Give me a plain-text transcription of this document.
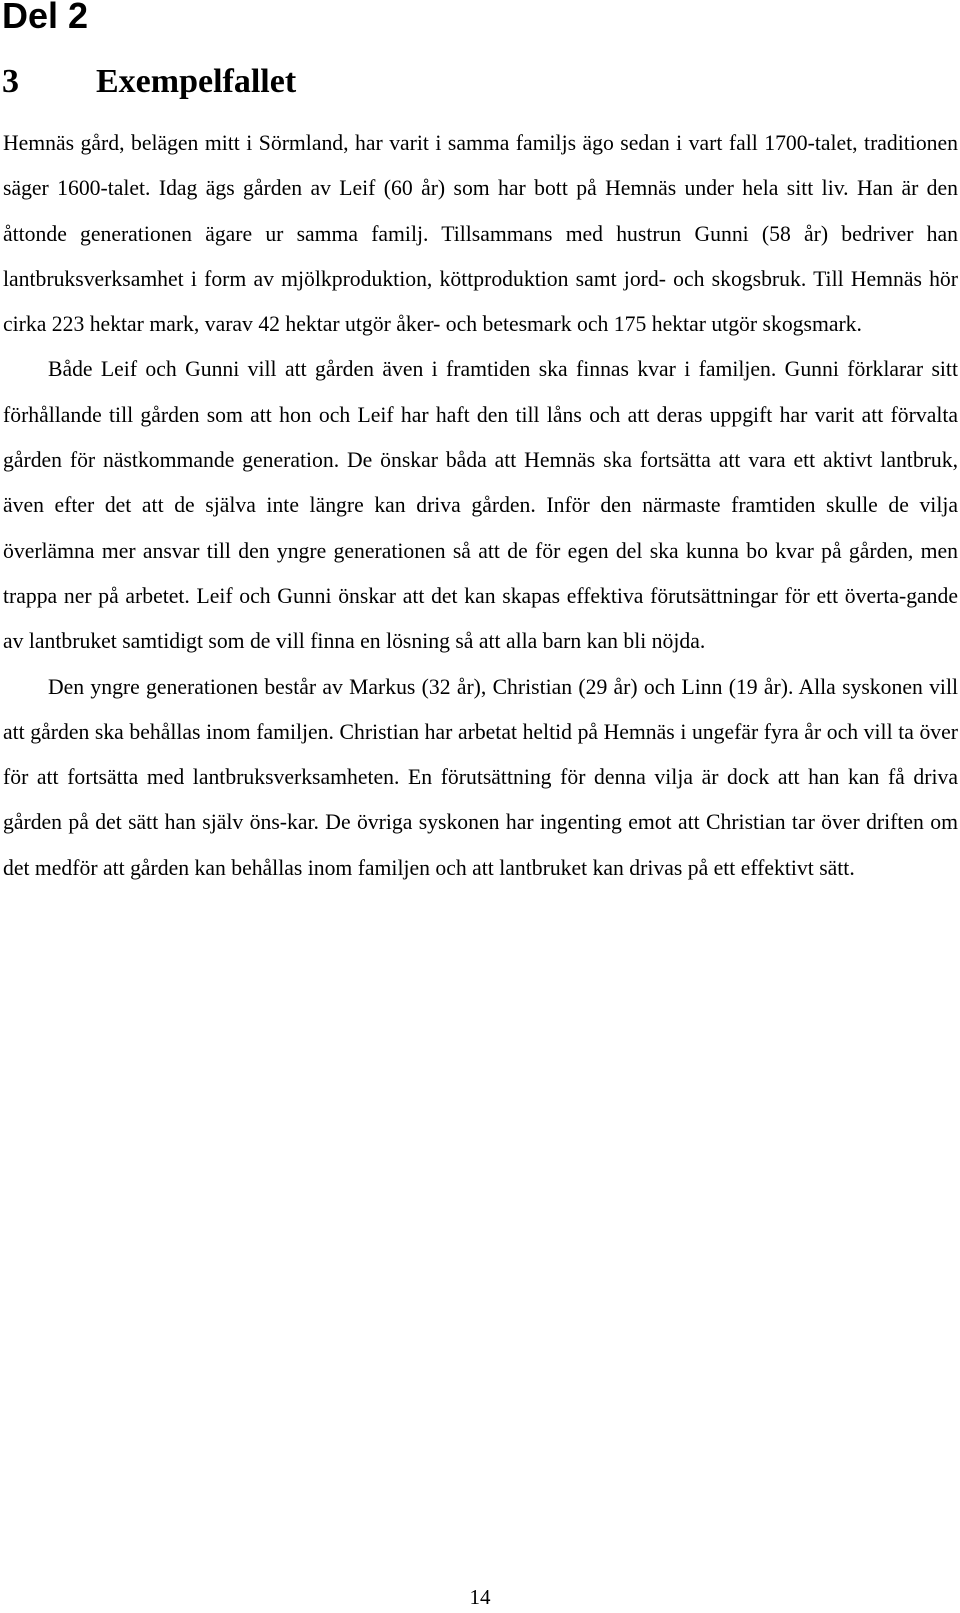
Del 2
3 Exempelfallet

Hemnäs gård, belägen mitt i Sörmland, har varit i samma familjs ägo sedan i vart fall 1700-talet, traditionen säger 1600-talet. Idag ägs gården av Leif (60 år) som har bott på Hemnäs under hela sitt liv. Han är den åttonde generationen ägare ur samma familj. Tillsammans med hustrun Gunni (58 år) bedriver han lantbruksverksamhet i form av mjölkproduktion, köttproduktion samt jord- och skogsbruk. Till Hemnäs hör cirka 223 hektar mark, varav 42 hektar utgör åker- och betesmark och 175 hektar utgör skogsmark.

Både Leif och Gunni vill att gården även i framtiden ska finnas kvar i familjen. Gunni förklarar sitt förhållande till gården som att hon och Leif har haft den till låns och att deras uppgift har varit att förvalta gården för nästkommande generation. De önskar båda att Hemnäs ska fortsätta att vara ett aktivt lantbruk, även efter det att de själva inte längre kan driva gården. Inför den närmaste framtiden skulle de vilja överlämna mer ansvar till den yngre generationen så att de för egen del ska kunna bo kvar på gården, men trappa ner på arbetet. Leif och Gunni önskar att det kan skapas effektiva förutsättningar för ett överta-gande av lantbruket samtidigt som de vill finna en lösning så att alla barn kan bli nöjda.

Den yngre generationen består av Markus (32 år), Christian (29 år) och Linn (19 år). Alla syskonen vill att gården ska behållas inom familjen. Christian har arbetat heltid på Hemnäs i ungefär fyra år och vill ta över för att fortsätta med lantbruksverksamheten. En förutsättning för denna vilja är dock att han kan få driva gården på det sätt han själv öns-kar. De övriga syskonen har ingenting emot att Christian tar över driften om det medför att gården kan behållas inom familjen och att lantbruket kan drivas på ett effektivt sätt.

14
